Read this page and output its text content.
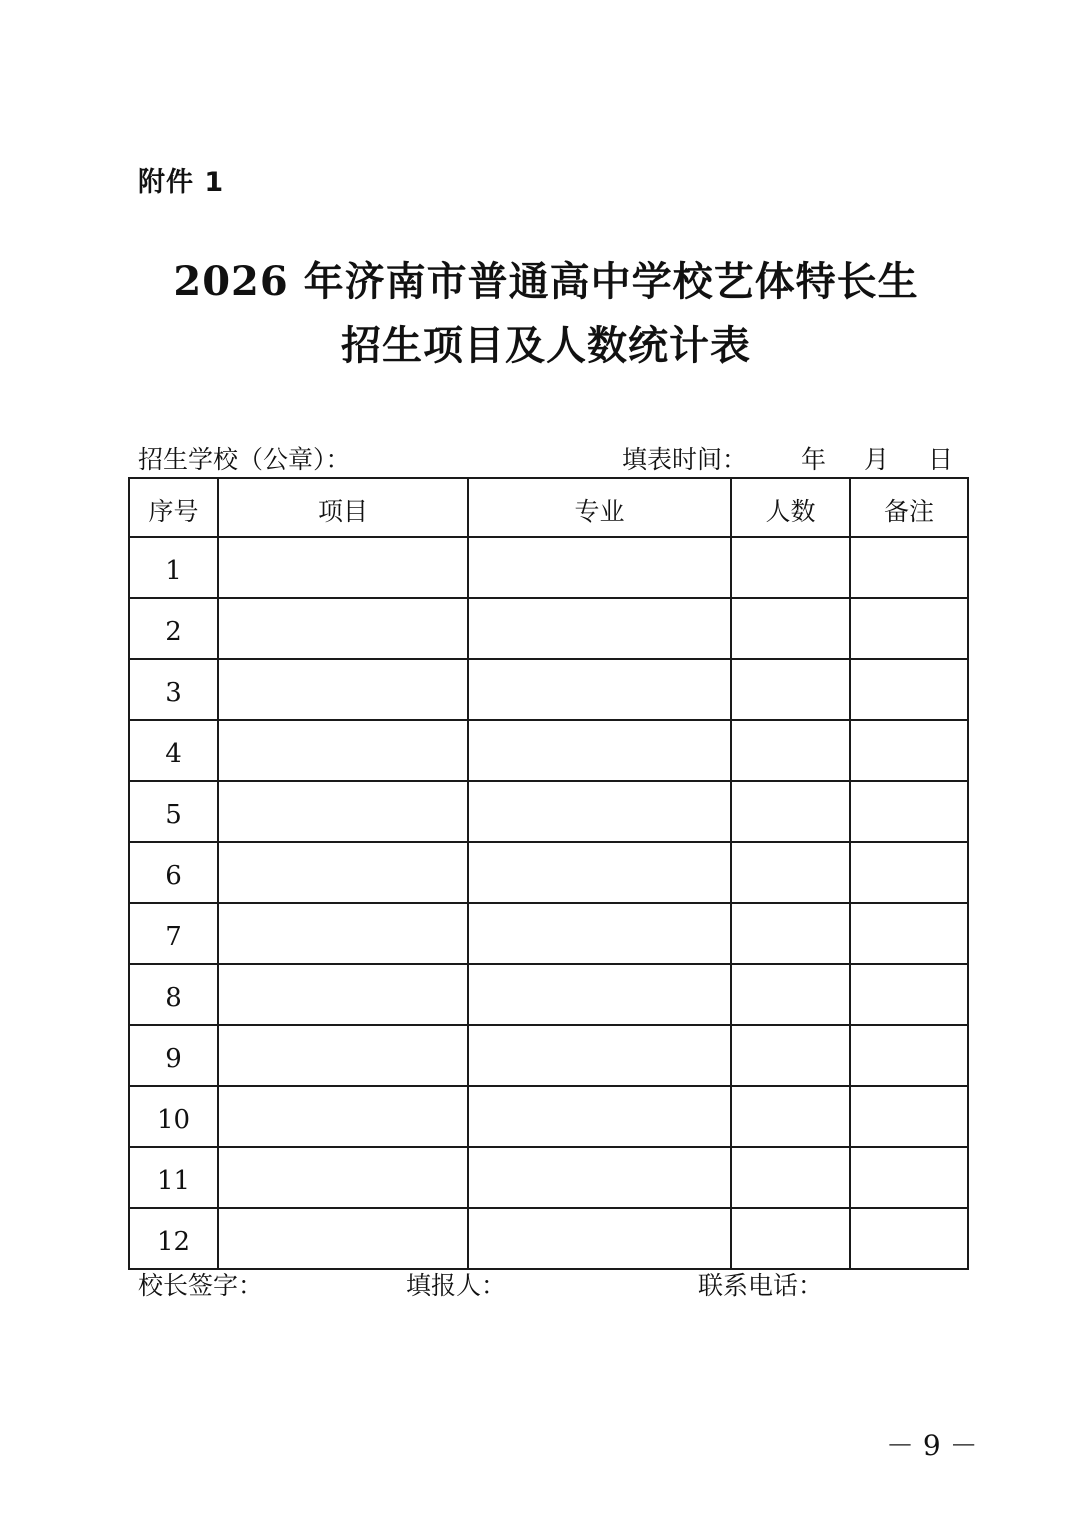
附件 1
2026 年济南市普通高中学校艺体特长生
招生项目及人数统计表
招生学校（公章）：	填表时间： 年 月 日
序号	项目	专业	人数	备注
1				
2				
3				
4				
5				
6				
7				
8				
9				
10				
11				
12				
校长签字：	填报人：	联系电话：
－ 9 －
